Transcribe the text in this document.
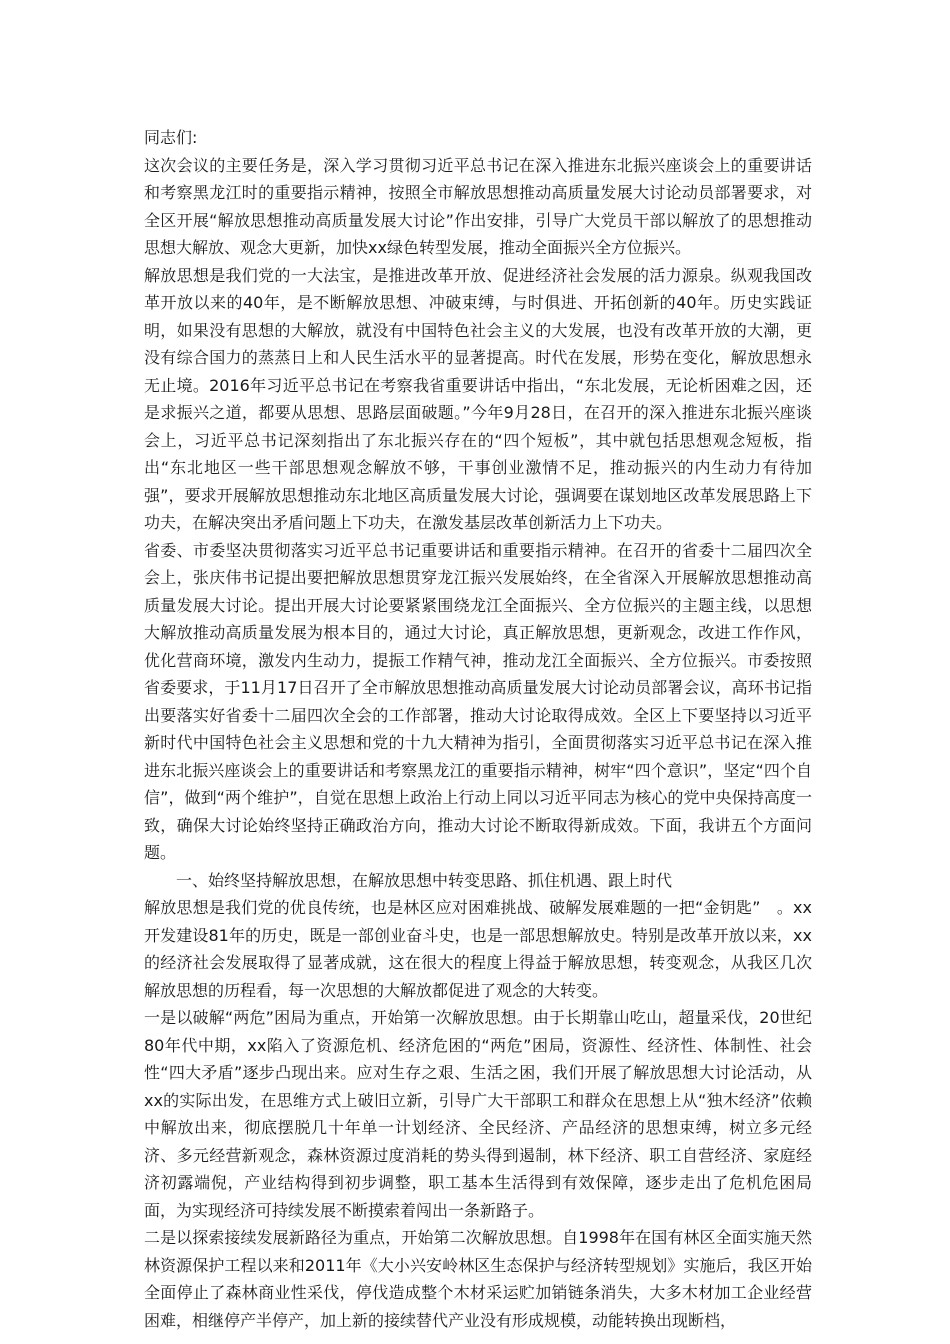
同志们:

这次会议的主要任务是，深入学习贯彻习近平总书记在深入推进东北振兴座谈会上的重要讲话和考察黑龙江时的重要指示精神，按照全市解放思想推动高质量发展大讨论动员部署要求，对全区开展“解放思想推动高质量发展大讨论”作出安排，引导广大党员干部以解放了的思想推动思想大解放、观念大更新，加快xx绿色转型发展，推动全面振兴全方位振兴。

解放思想是我们党的一大法宝，是推进改革开放、促进经济社会发展的活力源泉。纵观我国改革开放以来的40年，是不断解放思想、冲破束缚，与时俱进、开拓创新的40年。历史实践证明，如果没有思想的大解放，就没有中国特色社会主义的大发展，也没有改革开放的大潮，更没有综合国力的蒸蒸日上和人民生活水平的显著提高。时代在发展，形势在变化，解放思想永无止境。2016年习近平总书记在考察我省重要讲话中指出，“东北发展，无论析困难之因，还是求振兴之道，都要从思想、思路层面破题。”今年9月28日，在召开的深入推进东北振兴座谈会上，习近平总书记深刻指出了东北振兴存在的“四个短板”，其中就包括思想观念短板，指出“东北地区一些干部思想观念解放不够，干事创业激情不足，推动振兴的内生动力有待加强”，要求开展解放思想推动东北地区高质量发展大讨论，强调要在谋划地区改革发展思路上下功夫，在解决突出矛盾问题上下功夫，在激发基层改革创新活力上下功夫。

省委、市委坚决贯彻落实习近平总书记重要讲话和重要指示精神。在召开的省委十二届四次全会上，张庆伟书记提出要把解放思想贯穿龙江振兴发展始终，在全省深入开展解放思想推动高质量发展大讨论。提出开展大讨论要紧紧围绕龙江全面振兴、全方位振兴的主题主线，以思想大解放推动高质量发展为根本目的，通过大讨论，真正解放思想，更新观念，改进工作作风，优化营商环境，激发内生动力，提振工作精气神，推动龙江全面振兴、全方位振兴。市委按照省委要求，于11月17日召开了全市解放思想推动高质量发展大讨论动员部署会议，高环书记指出要落实好省委十二届四次全会的工作部署，推动大讨论取得成效。全区上下要坚持以习近平新时代中国特色社会主义思想和党的十九大精神为指引，全面贯彻落实习近平总书记在深入推进东北振兴座谈会上的重要讲话和考察黑龙江的重要指示精神，树牢“四个意识”，坚定“四个自信”，做到“两个维护”，自觉在思想上政治上行动上同以习近平同志为核心的党中央保持高度一致，确保大讨论始终坚持正确政治方向，推动大讨论不断取得新成效。下面，我讲五个方面问题。

一、始终坚持解放思想，在解放思想中转变思路、抓住机遇、跟上时代

解放思想是我们党的优良传统，也是林区应对困难挑战、破解发展难题的一把“金钥匙”　。xx开发建设81年的历史，既是一部创业奋斗史，也是一部思想解放史。特别是改革开放以来，xx的经济社会发展取得了显著成就，这在很大的程度上得益于解放思想，转变观念，从我区几次解放思想的历程看，每一次思想的大解放都促进了观念的大转变。

一是以破解“两危”困局为重点，开始第一次解放思想。由于长期靠山吃山，超量采伐，20世纪80年代中期，xx陷入了资源危机、经济危困的“两危”困局，资源性、经济性、体制性、社会性“四大矛盾”逐步凸现出来。应对生存之艰、生活之困，我们开展了解放思想大讨论活动，从xx的实际出发，在思维方式上破旧立新，引导广大干部职工和群众在思想上从“独木经济”依赖中解放出来，彻底摆脱几十年单一计划经济、全民经济、产品经济的思想束缚，树立多元经济、多元经营新观念，森林资源过度消耗的势头得到遏制，林下经济、职工自营经济、家庭经济初露端倪，产业结构得到初步调整，职工基本生活得到有效保障，逐步走出了危机危困局面，为实现经济可持续发展不断摸索着闯出一条新路子。

二是以探索接续发展新路径为重点，开始第二次解放思想。自1998年在国有林区全面实施天然林资源保护工程以来和2011年《大小兴安岭林区生态保护与经济转型规划》实施后，我区开始全面停止了森林商业性采伐，停伐造成整个木材采运贮加销链条消失，大多木材加工企业经营困难，相继停产半停产，加上新的接续替代产业没有形成规模，动能转换出现断档，
